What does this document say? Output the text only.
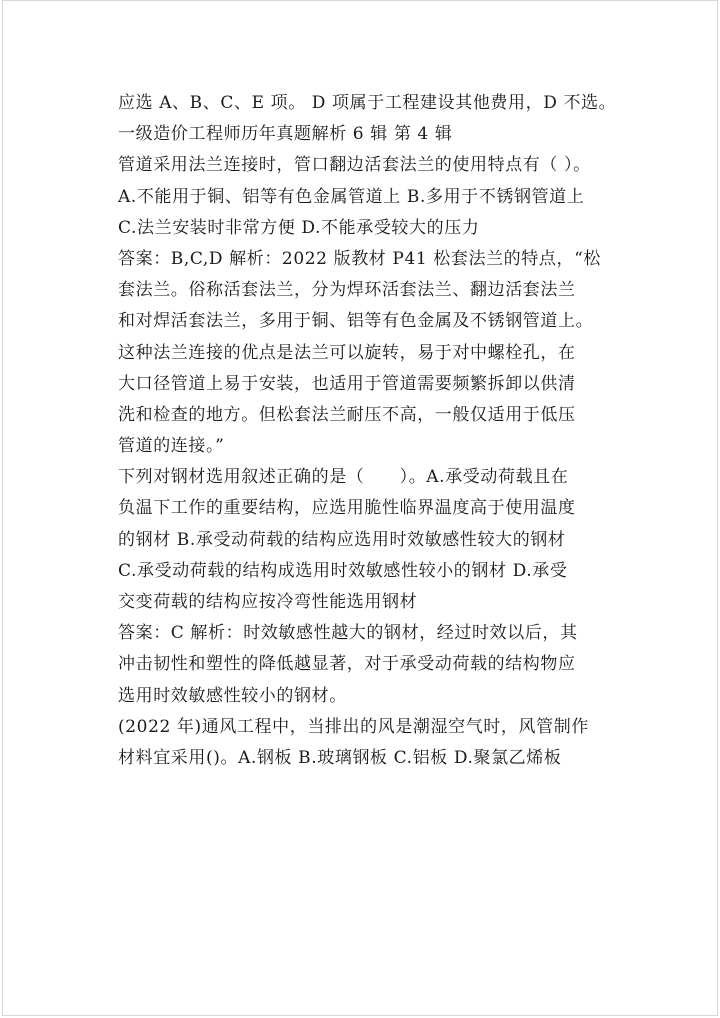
应选 A、B、C、E 项。 D 项属于工程建设其他费用，D 不选。
一级造价工程师历年真题解析 6 辑 第 4 辑
管道采用法兰连接时，管口翻边活套法兰的使用特点有（ ）。
A.不能用于铜、铝等有色金属管道上 B.多用于不锈钢管道上
C.法兰安装时非常方便 D.不能承受较大的压力
答案：B,C,D 解析：2022 版教材 P41 松套法兰的特点，“松
套法兰。俗称活套法兰，分为焊环活套法兰、翻边活套法兰
和对焊活套法兰，多用于铜、铝等有色金属及不锈钢管道上。
这种法兰连接的优点是法兰可以旋转，易于对中螺栓孔，在
大口径管道上易于安装，也适用于管道需要频繁拆卸以供清
洗和检查的地方。但松套法兰耐压不高，一般仅适用于低压
管道的连接。”
下列对钢材选用叙述正确的是（　　）。A.承受动荷载且在
负温下工作的重要结构，应选用脆性临界温度高于使用温度
的钢材 B.承受动荷载的结构应选用时效敏感性较大的钢材
C.承受动荷载的结构成选用时效敏感性较小的钢材 D.承受
交变荷载的结构应按冷弯性能选用钢材
答案：C 解析：时效敏感性越大的钢材，经过时效以后，其
冲击韧性和塑性的降低越显著，对于承受动荷载的结构物应
选用时效敏感性较小的钢材。
(2022 年)通风工程中，当排出的风是潮湿空气时，风管制作
材料宜采用()。A.钢板 B.玻璃钢板 C.铝板 D.聚氯乙烯板
